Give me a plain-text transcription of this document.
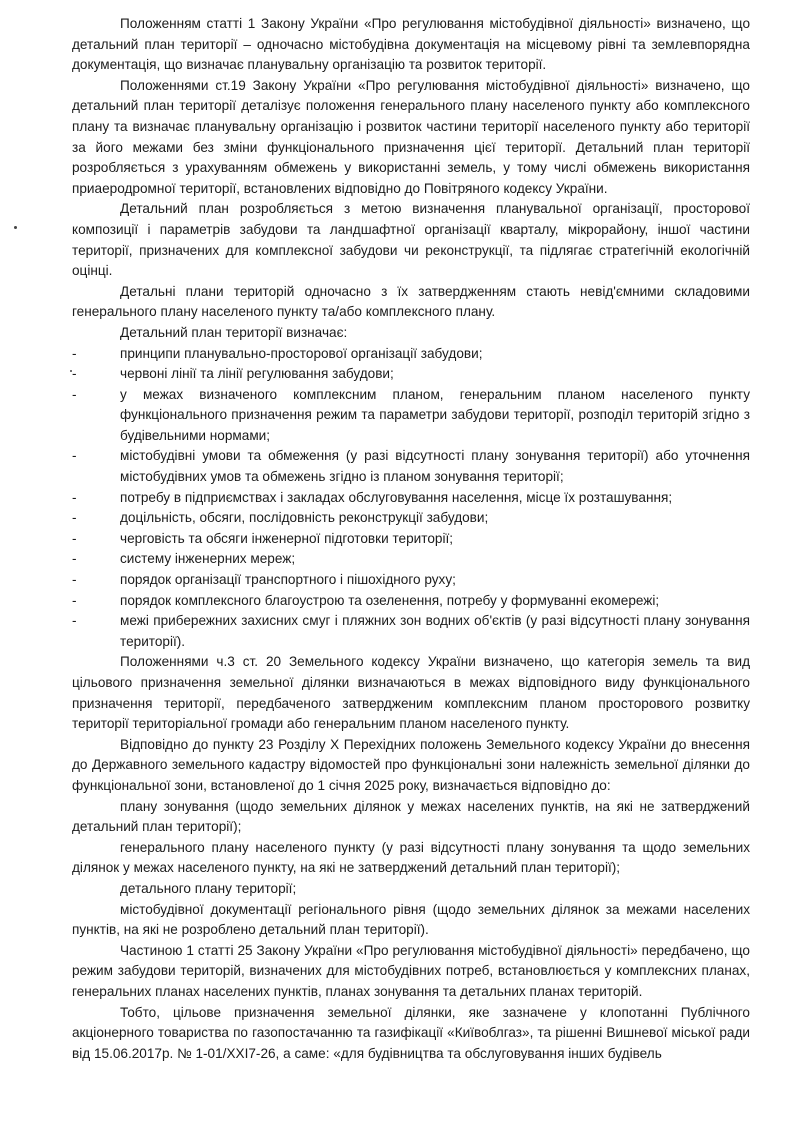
Положенням статті 1 Закону України «Про регулювання містобудівної діяльності» визначено, що детальний план території – одночасно містобудівна документація на місцевому рівні та землевпорядна документація, що визначає планувальну організацію та розвиток території.

Положеннями ст.19 Закону України «Про регулювання містобудівної діяльності» визначено, що детальний план території деталізує положення генерального плану населеного пункту або комплексного плану та визначає планувальну організацію і розвиток частини території населеного пункту або території за його межами без зміни функціонального призначення цієї території. Детальний план території розробляється з урахуванням обмежень у використанні земель, у тому числі обмежень використання приаеродромної території, встановлених відповідно до Повітряного кодексу України.

Детальний план розробляється з метою визначення планувальної організації, просторової композиції і параметрів забудови та ландшафтної організації кварталу, мікрорайону, іншої частини території, призначених для комплексної забудови чи реконструкції, та підлягає стратегічній екологічній оцінці.

Детальні плани територій одночасно з їх затвердженням стають невід'ємними складовими генерального плану населеного пункту та/або комплексного плану.

Детальний план території визначає:

-	принципи планувально-просторової організації забудови;
-	червоні лінії та лінії регулювання забудови;
-	у межах визначеного комплексним планом, генеральним планом населеного пункту функціонального призначення режим та параметри забудови території, розподіл територій згідно з будівельними нормами;
-	містобудівні умови та обмеження (у разі відсутності плану зонування території) або уточнення містобудівних умов та обмежень згідно із планом зонування території;
-	потребу в підприємствах і закладах обслуговування населення, місце їх розташування;
-	доцільність, обсяги, послідовність реконструкції забудови;
-	черговість та обсяги інженерної підготовки території;
-	систему інженерних мереж;
-	порядок організації транспортного і пішохідного руху;
-	порядок комплексного благоустрою та озеленення, потребу у формуванні екомережі;
-	межі прибережних захисних смуг і пляжних зон водних об'єктів (у разі відсутності плану зонування території).

Положеннями ч.3 ст. 20 Земельного кодексу України визначено, що категорія земель та вид цільового призначення земельної ділянки визначаються в межах відповідного виду функціонального призначення території, передбаченого затвердженим комплексним планом просторового розвитку території територіальної громади або генеральним планом населеного пункту.

Відповідно до пункту 23 Розділу X Перехідних положень Земельного кодексу України до внесення до Державного земельного кадастру відомостей про функціональні зони належність земельної ділянки до функціональної зони, встановленої до 1 січня 2025 року, визначається відповідно до:

плану зонування (щодо земельних ділянок у межах населених пунктів, на які не затверджений детальний план території);

генерального плану населеного пункту (у разі відсутності плану зонування та щодо земельних ділянок у межах населеного пункту, на які не затверджений детальний план території);

детального плану території;

містобудівної документації регіонального рівня (щодо земельних ділянок за межами населених пунктів, на які не розроблено детальний план території).

Частиною 1 статті 25 Закону України «Про регулювання містобудівної діяльності» передбачено, що режим забудови територій, визначених для містобудівних потреб, встановлюється у комплексних планах, генеральних планах населених пунктів, планах зонування та детальних планах територій.

Тобто, цільове призначення земельної ділянки, яке зазначене у клопотанні Публічного акціонерного товариства по газопостачанню та газифікації «Київоблгаз», та рішенні Вишневої міської ради від 15.06.2017р. № 1-01/XXI7-26, а саме: «для будівництва та обслуговування інших будівель
